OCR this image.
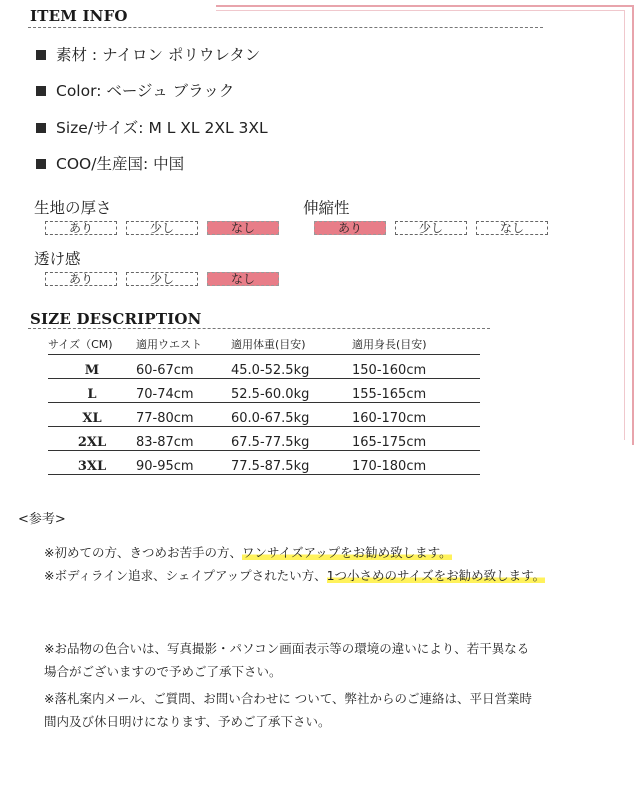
ITEM INFO
素材 : ナイロン ポリウレタン
Color: ベージュ ブラック
Size/サイズ: M L XL 2XL 3XL
COO/生産国: 中国
生地の厚さ
あり	少し	なし
伸縮性
あり	少し	なし
透け感
あり	少し	なし
SIZE DESCRIPTION
サイズ（CM)	適用ウエスト	適用体重(目安)	適用身長(目安)

M	60-67cm	45.0-52.5kg	150-160cm

L	70-74cm	52.5-60.0kg	155-165cm

XL	77-80cm	60.0-67.5kg	160-170cm

2XL	83-87cm	67.5-77.5kg	165-175cm

3XL	90-95cm	77.5-87.5kg	170-180cm
<参考>
※初めての方、きつめお苦手の方、ワンサイズアップをお勧め致します。
※ボディライン追求、シェイプアップされたい方、1つ小さめのサイズをお勧め致します。
※お品物の色合いは、写真撮影・パソコン画面表示等の環境の違いにより、若干異なる
場合がございますので予めご了承下さい。
※落札案内メール、ご質問、お問い合わせに ついて、弊社からのご連絡は、平日営業時
間内及び休日明けになります、予めご了承下さい。
